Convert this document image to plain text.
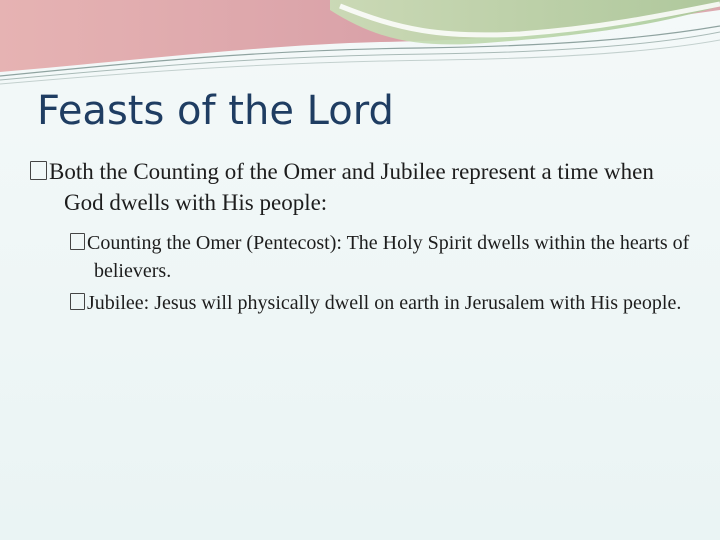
Feasts of the Lord
Both the Counting of the Omer and Jubilee represent a time when God dwells with His people:
Counting the Omer (Pentecost): The Holy Spirit dwells within the hearts of believers.
Jubilee: Jesus will physically dwell on earth in Jerusalem with His people.
